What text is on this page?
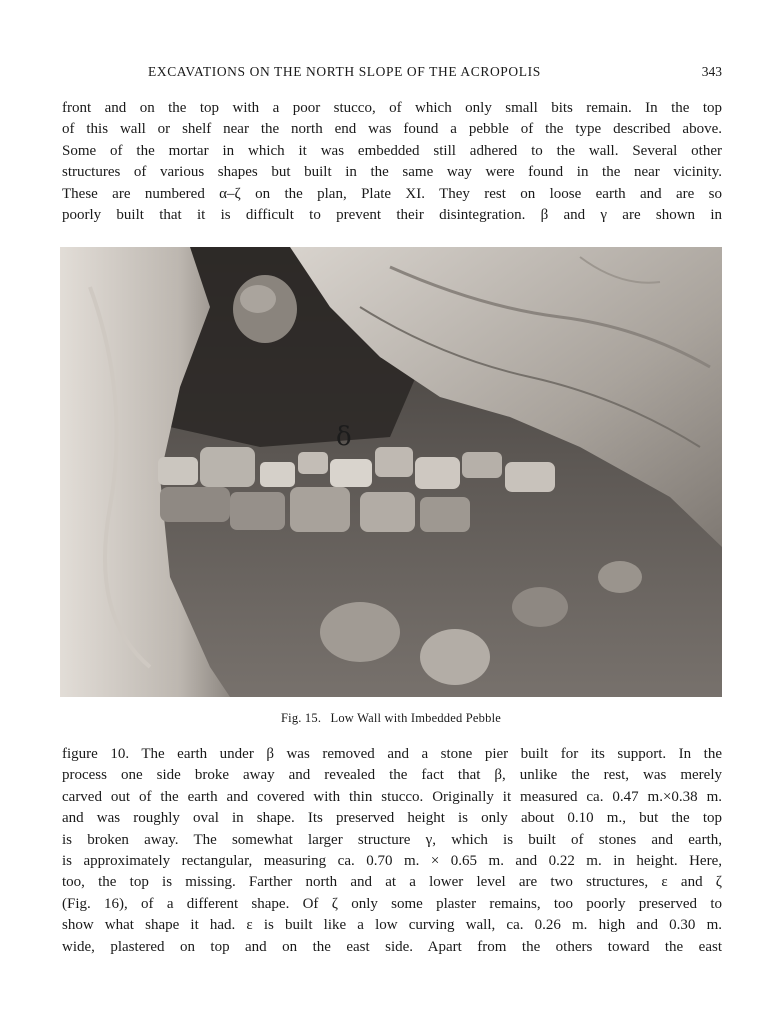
EXCAVATIONS ON THE NORTH SLOPE OF THE ACROPOLIS	343
front and on the top with a poor stucco, of which only small bits remain. In the top
of this wall or shelf near the north end was found a pebble of the type described above.
Some of the mortar in which it was embedded still adhered to the wall. Several other
structures of various shapes but built in the same way were found in the near vicinity.
These are numbered α–ζ on the plan, Plate XI. They rest on loose earth and are so
poorly built that it is difficult to prevent their disintegration. β and γ are shown in
δ
Fig. 15. Low Wall with Imbedded Pebble
figure 10. The earth under β was removed and a stone pier built for its support. In the
process one side broke away and revealed the fact that β, unlike the rest, was merely
carved out of the earth and covered with thin stucco. Originally it measured ca. 0.47 m.×0.38 m.
and was roughly oval in shape. Its preserved height is only about 0.10 m., but the top
is broken away. The somewhat larger structure γ, which is built of stones and earth,
is approximately rectangular, measuring ca. 0.70 m. × 0.65 m. and 0.22 m. in height. Here,
too, the top is missing. Farther north and at a lower level are two structures, ε and ζ
(Fig. 16), of a different shape. Of ζ only some plaster remains, too poorly preserved to
show what shape it had. ε is built like a low curving wall, ca. 0.26 m. high and 0.30 m.
wide, plastered on top and on the east side. Apart from the others toward the east
